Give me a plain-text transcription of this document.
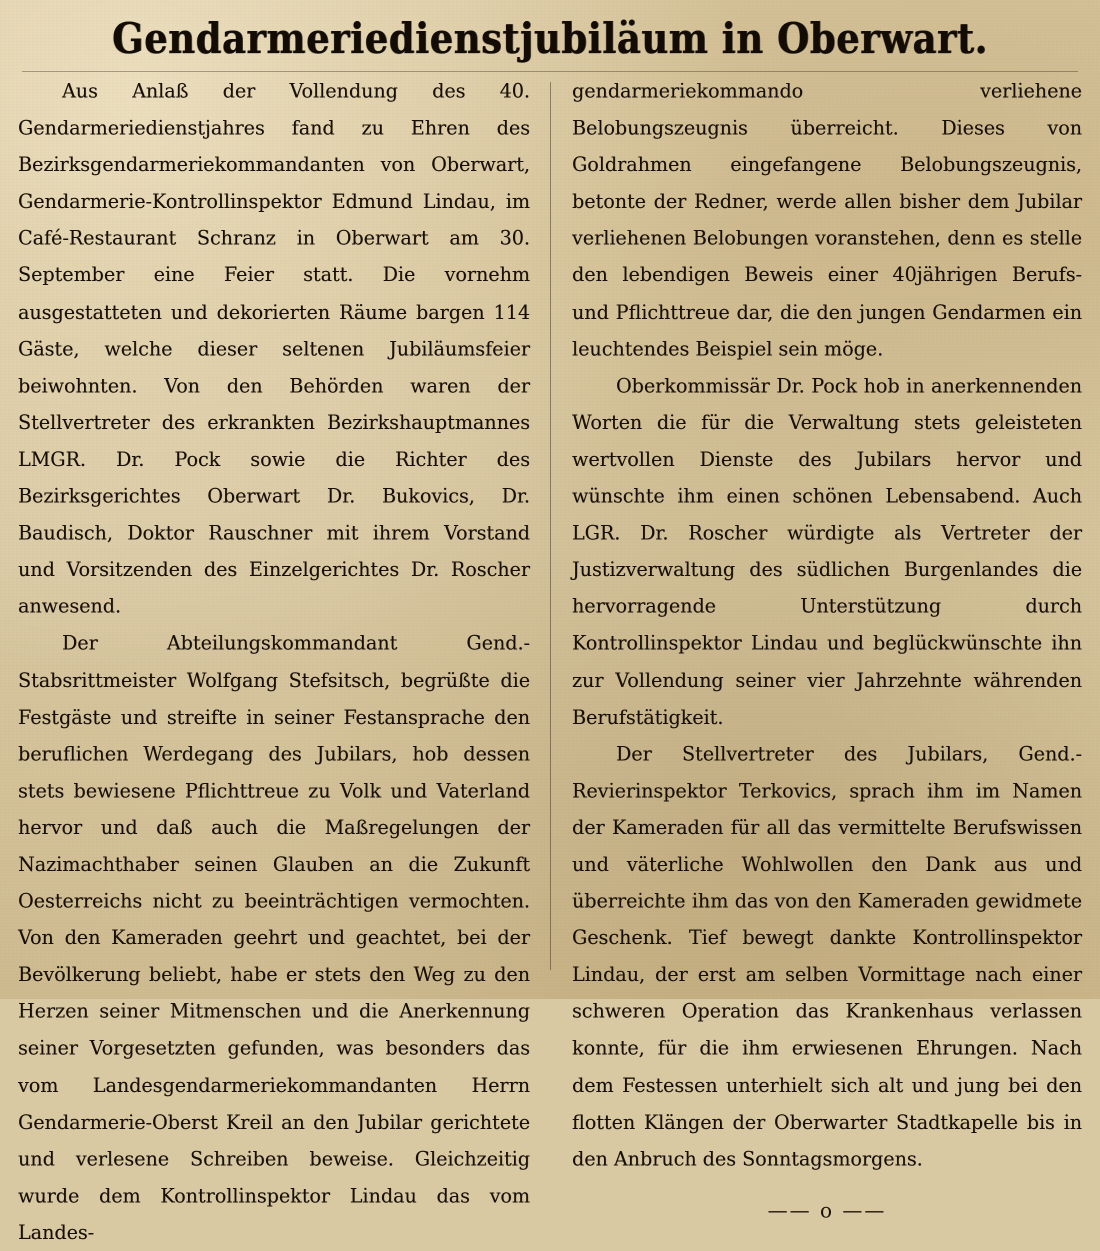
Gendarmeriedienstjubiläum in Oberwart.

Aus Anlaß der Vollendung des 40. Gendarmeriedienstjahres fand zu Ehren des Bezirksgendarmeriekommandanten von Oberwart, Gendarmerie-Kontrollinspektor Edmund Lindau, im Café-Restaurant Schranz in Oberwart am 30. September eine Feier statt. Die vornehm ausgestatteten und dekorierten Räume bargen 114 Gäste, welche dieser seltenen Jubiläumsfeier beiwohnten. Von den Behörden waren der Stellvertreter des erkrankten Bezirkshauptmannes LMGR. Dr. Pock sowie die Richter des Bezirksgerichtes Oberwart Dr. Bukovics, Dr. Baudisch, Doktor Rauschner mit ihrem Vorstand und Vorsitzenden des Einzelgerichtes Dr. Roscher anwesend.

Der Abteilungskommandant Gend.-Stabsrittmeister Wolfgang Stefsitsch, begrüßte die Festgäste und streifte in seiner Festansprache den beruflichen Werdegang des Jubilars, hob dessen stets bewiesene Pflichttreue zu Volk und Vaterland hervor und daß auch die Maßregelungen der Nazimachthaber seinen Glauben an die Zukunft Oesterreichs nicht zu beeinträchtigen vermochten. Von den Kameraden geehrt und geachtet, bei der Bevölkerung beliebt, habe er stets den Weg zu den Herzen seiner Mitmenschen und die Anerkennung seiner Vorgesetzten gefunden, was besonders das vom Landesgendarmeriekommandanten Herrn Gendarmerie-Oberst Kreil an den Jubilar gerichtete und verlesene Schreiben beweise. Gleichzeitig wurde dem Kontrollinspektor Lindau das vom Landes-

gendarmeriekommando verliehene Belobungszeugnis überreicht. Dieses von Goldrahmen eingefangene Belobungszeugnis, betonte der Redner, werde allen bisher dem Jubilar verliehenen Belobungen voranstehen, denn es stelle den lebendigen Beweis einer 40jährigen Berufs- und Pflichttreue dar, die den jungen Gendarmen ein leuchtendes Beispiel sein möge.

Oberkommissär Dr. Pock hob in anerkennenden Worten die für die Verwaltung stets geleisteten wertvollen Dienste des Jubilars hervor und wünschte ihm einen schönen Lebensabend. Auch LGR. Dr. Roscher würdigte als Vertreter der Justizverwaltung des südlichen Burgenlandes die hervorragende Unterstützung durch Kontrollinspektor Lindau und beglückwünschte ihn zur Vollendung seiner vier Jahrzehnte währenden Berufstätigkeit.

Der Stellvertreter des Jubilars, Gend.-Revierinspektor Terkovics, sprach ihm im Namen der Kameraden für all das vermittelte Berufswissen und väterliche Wohlwollen den Dank aus und überreichte ihm das von den Kameraden gewidmete Geschenk. Tief bewegt dankte Kontrollinspektor Lindau, der erst am selben Vormittage nach einer schweren Operation das Krankenhaus verlassen konnte, für die ihm erwiesenen Ehrungen. Nach dem Festessen unterhielt sich alt und jung bei den flotten Klängen der Oberwarter Stadtkapelle bis in den Anbruch des Sonntagsmorgens.

—— o ——
